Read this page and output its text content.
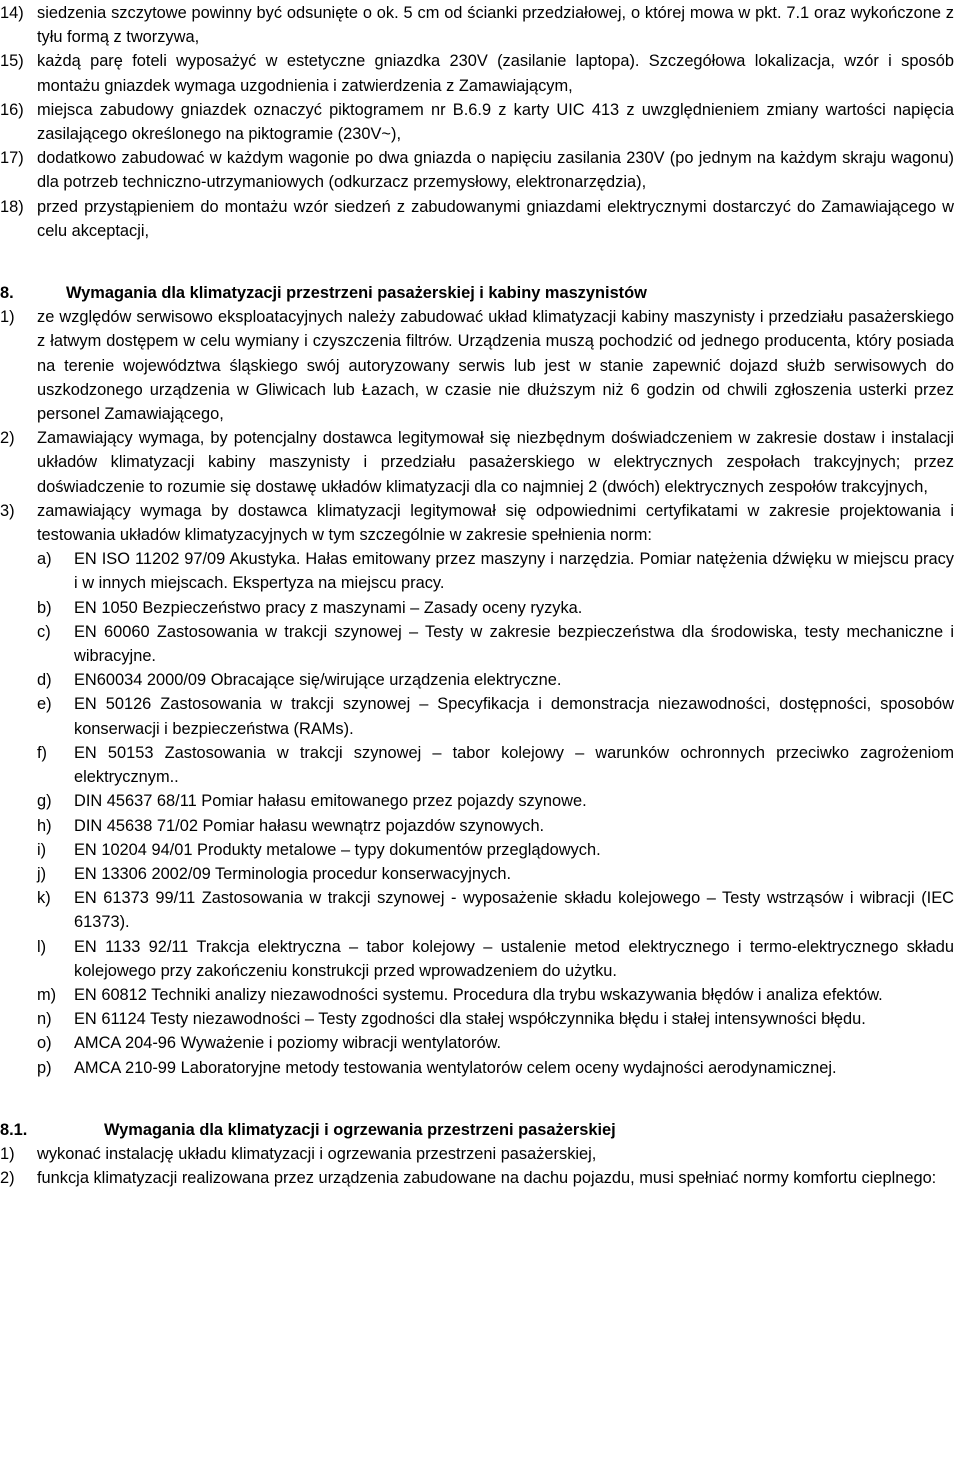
14) siedzenia szczytowe powinny być odsunięte o ok. 5 cm od ścianki przedziałowej, o której mowa w pkt. 7.1 oraz wykończone z tyłu formą z tworzywa,
15) każdą parę foteli wyposażyć w estetyczne gniazdka 230V (zasilanie laptopa). Szczegółowa lokalizacja, wzór i sposób montażu gniazdek wymaga uzgodnienia i zatwierdzenia z Zamawiającym,
16) miejsca zabudowy gniazdek oznaczyć piktogramem nr B.6.9 z karty UIC 413 z uwzględnieniem zmiany wartości napięcia zasilającego określonego na piktogramie (230V~),
17) dodatkowo zabudować w każdym wagonie po dwa gniazda o napięciu zasilania 230V (po jednym na każdym skraju wagonu) dla potrzeb techniczno-utrzymaniowych (odkurzacz przemysłowy, elektronarzędzia),
18) przed przystąpieniem do montażu wzór siedzeń z zabudowanymi gniazdami elektrycznymi dostarczyć do Zamawiającego w celu akceptacji,
8.	Wymagania dla klimatyzacji przestrzeni pasażerskiej i kabiny maszynistów
1) ze względów serwisowo eksploatacyjnych należy zabudować układ klimatyzacji kabiny maszynisty i przedziału pasażerskiego z łatwym dostępem w celu wymiany i czyszczenia filtrów. Urządzenia muszą pochodzić od jednego producenta, który posiada na terenie województwa śląskiego swój autoryzowany serwis lub jest w stanie zapewnić dojazd służb serwisowych do uszkodzonego urządzenia w Gliwicach lub Łazach, w czasie nie dłuższym niż 6 godzin od chwili zgłoszenia usterki przez personel Zamawiającego,
2) Zamawiający wymaga, by potencjalny dostawca legitymował się niezbędnym doświadczeniem w zakresie dostaw i instalacji układów klimatyzacji kabiny maszynisty i przedziału pasażerskiego w elektrycznych zespołach trakcyjnych; przez doświadczenie to rozumie się dostawę układów klimatyzacji dla co najmniej 2 (dwóch) elektrycznych zespołów trakcyjnych,
3) zamawiający wymaga by dostawca klimatyzacji legitymował się odpowiednimi certyfikatami w zakresie projektowania i testowania układów klimatyzacyjnych w tym szczególnie w zakresie spełnienia norm:
a) EN ISO 11202 97/09 Akustyka. Hałas emitowany przez maszyny i narzędzia. Pomiar natężenia dźwięku w miejscu pracy i w innych miejscach. Ekspertyza na miejscu pracy.
b) EN 1050 Bezpieczeństwo pracy z maszynami – Zasady oceny ryzyka.
c) EN 60060 Zastosowania w trakcji szynowej – Testy w zakresie bezpieczeństwa dla środowiska, testy mechaniczne i wibracyjne.
d) EN60034 2000/09 Obracające się/wirujące urządzenia elektryczne.
e) EN 50126 Zastosowania w trakcji szynowej – Specyfikacja i demonstracja niezawodności, dostępności, sposobów konserwacji i bezpieczeństwa (RAMs).
f) EN 50153 Zastosowania w trakcji szynowej – tabor kolejowy – warunków ochronnych przeciwko zagrożeniom elektrycznym..
g) DIN 45637 68/11 Pomiar hałasu emitowanego przez pojazdy szynowe.
h) DIN 45638 71/02 Pomiar hałasu wewnątrz pojazdów szynowych.
i) EN 10204 94/01 Produkty metalowe – typy dokumentów przeglądowych.
j) EN 13306 2002/09 Terminologia procedur konserwacyjnych.
k) EN 61373 99/11 Zastosowania w trakcji szynowej - wyposażenie składu kolejowego – Testy wstrząsów i wibracji (IEC 61373).
l) EN 1133 92/11 Trakcja elektryczna – tabor kolejowy – ustalenie metod elektrycznego i termo-elektrycznego składu kolejowego przy zakończeniu konstrukcji przed wprowadzeniem do użytku.
m) EN 60812 Techniki analizy niezawodności systemu. Procedura dla trybu wskazywania błędów i analiza efektów.
n) EN 61124 Testy niezawodności – Testy zgodności dla stałej współczynnika błędu i stałej intensywności błędu.
o) AMCA 204-96 Wyważenie i poziomy wibracji wentylatorów.
p) AMCA 210-99 Laboratoryjne metody testowania wentylatorów celem oceny wydajności aerodynamicznej.
8.1.	Wymagania dla klimatyzacji i ogrzewania przestrzeni pasażerskiej
1) wykonać instalację układu klimatyzacji i ogrzewania przestrzeni pasażerskiej,
2) funkcja klimatyzacji realizowana przez urządzenia zabudowane na dachu pojazdu, musi spełniać normy komfortu cieplnego:
